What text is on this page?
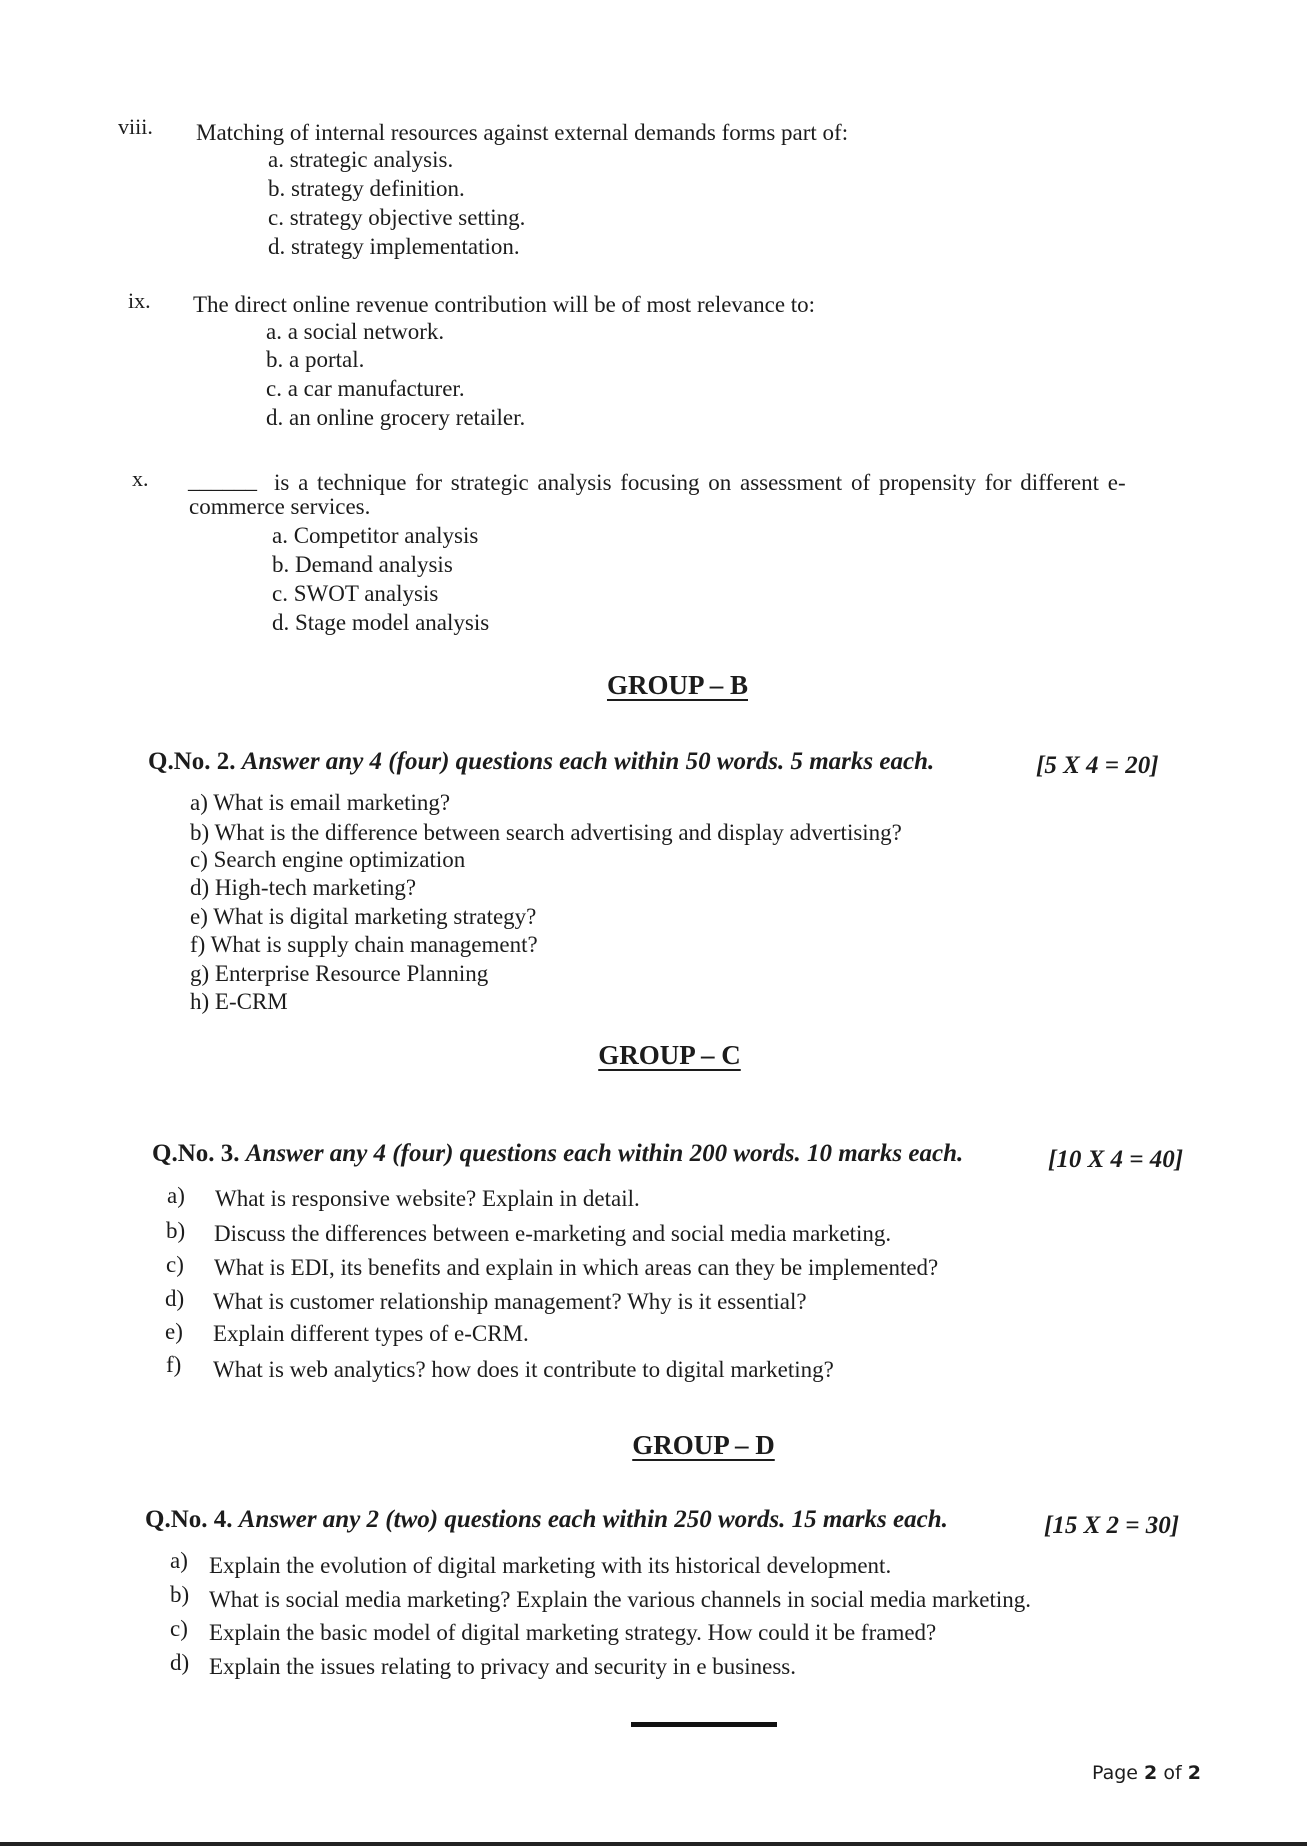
viii. Matching of internal resources against external demands forms part of:
a. strategic analysis.
b. strategy definition.
c. strategy objective setting.
d. strategy implementation.
ix. The direct online revenue contribution will be of most relevance to:
a. a social network.
b. a portal.
c. a car manufacturer.
d. an online grocery retailer.
x. ______ is a technique for strategic analysis focusing on assessment of propensity for different e-
commerce services.
a. Competitor analysis
b. Demand analysis
c. SWOT analysis
d. Stage model analysis
GROUP – B
Q.No. 2. Answer any 4 (four) questions each within 50 words. 5 marks each.	[5 X 4 = 20]
a) What is email marketing?
b) What is the difference between search advertising and display advertising?
c) Search engine optimization
d) High-tech marketing?
e) What is digital marketing strategy?
f) What is supply chain management?
g) Enterprise Resource Planning
h) E-CRM
GROUP – C
Q.No. 3. Answer any 4 (four) questions each within 200 words. 10 marks each.	[10 X 4 = 40]
a) What is responsive website? Explain in detail.
b) Discuss the differences between e-marketing and social media marketing.
c) What is EDI, its benefits and explain in which areas can they be implemented?
d) What is customer relationship management? Why is it essential?
e) Explain different types of e-CRM.
f) What is web analytics? how does it contribute to digital marketing?
GROUP – D
Q.No. 4. Answer any 2 (two) questions each within 250 words. 15 marks each.	[15 X 2 = 30]
a) Explain the evolution of digital marketing with its historical development.
b) What is social media marketing? Explain the various channels in social media marketing.
c) Explain the basic model of digital marketing strategy. How could it be framed?
d) Explain the issues relating to privacy and security in e business.
Page 2 of 2
